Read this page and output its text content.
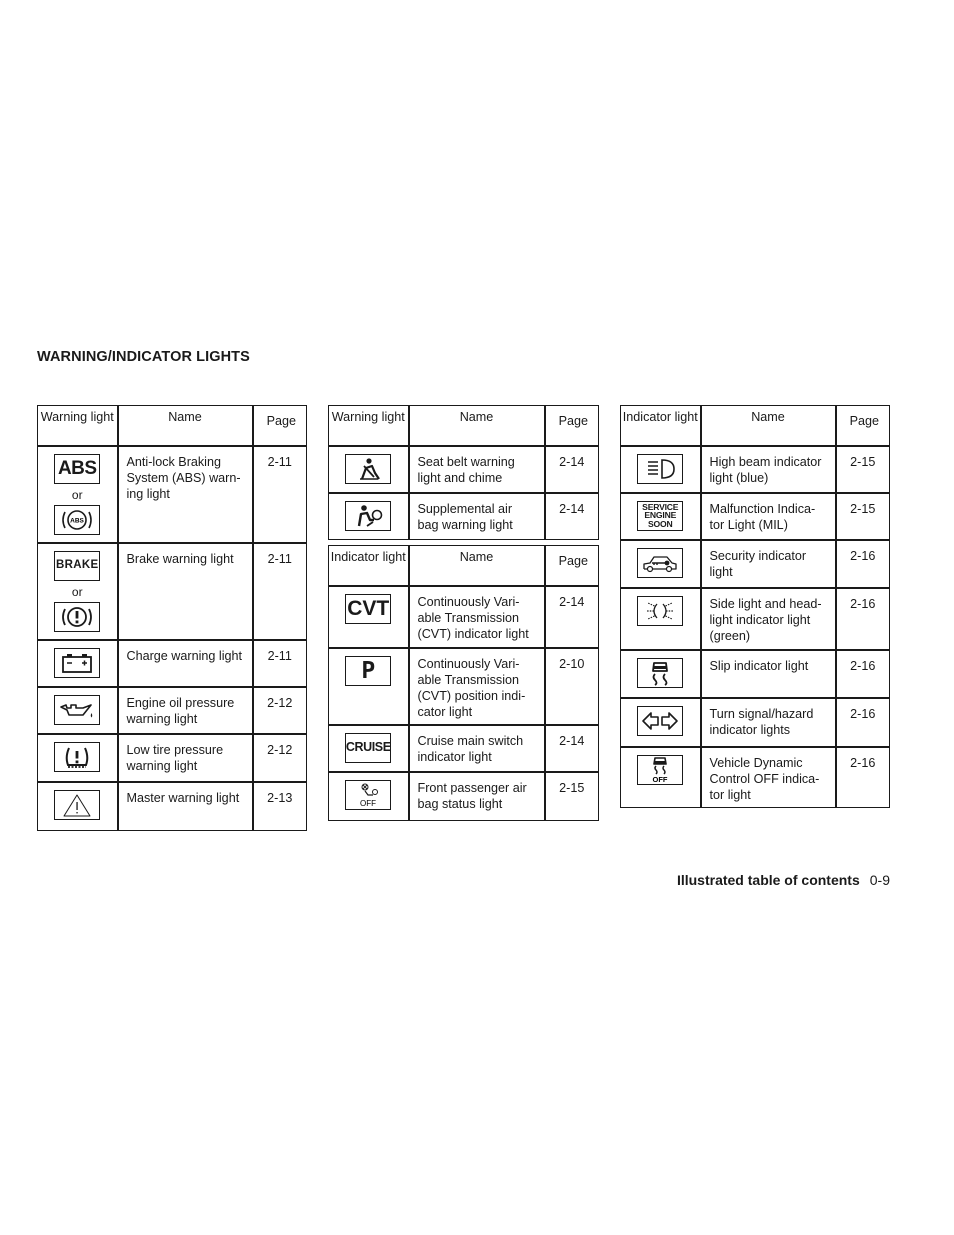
WARNING/INDICATOR LIGHTS
Warning light	Name	Page

ABS
or
ABS	Anti-lock Braking System (ABS) warn-ing light	2-11

BRAKE
or	Brake warning light	2-11

	Charge warning light	2-11

	Engine oil pressure warning light	2-12

	Low tire pressure warning light	2-12

	Master warning light	2-13
Warning light	Name	Page

	Seat belt warning light and chime	2-14

	Supplemental air bag warning light	2-14
Indicator light	Name	Page

CVT	Continuously Vari-able Transmission (CVT) indicator light	2-14

P	Continuously Vari-able Transmission (CVT) position indi-cator light	2-10

CRUISE	Cruise main switch indicator light	2-14

OFF	Front passenger air bag status light	2-15
Indicator light	Name	Page

	High beam indicator light (blue)	2-15

SERVICE
ENGINE
SOON	Malfunction Indica-tor Light (MIL)	2-15

	Security indicator light	2-16

	Side light and head-light indicator light (green)	2-16

	Slip indicator light	2-16

	Turn signal/hazard indicator lights	2-16

OFF	Vehicle Dynamic Control OFF indica-tor light	2-16
Illustrated table of contents 0-9
